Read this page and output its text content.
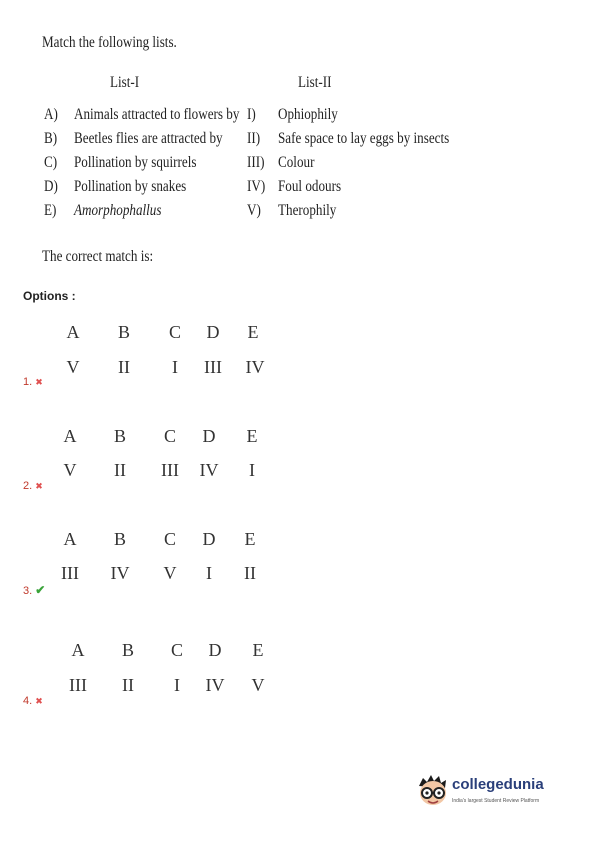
Match the following lists.
List-I	List-II
A) Animals attracted to flowers by I) Ophiophily
B) Beetles flies are attracted by II) Safe space to lay eggs by insects
C) Pollination by squirrels	III) Colour
D) Pollination by snakes	IV) Foul odours
E) Amorphophallus	V) Therophily
The correct match is:
Options :
A	B	C	D	E
V	II	I	III	IV
1. ✖
A	B	C	D	E
V	II	III	IV	I
2. ✖
A	B	C	D	E
III	IV	V	I	II
3. ✔
A	B	C	D	E
III	II	I	IV	V
4. ✖
collegedunia
India's largest Student Review Platform
